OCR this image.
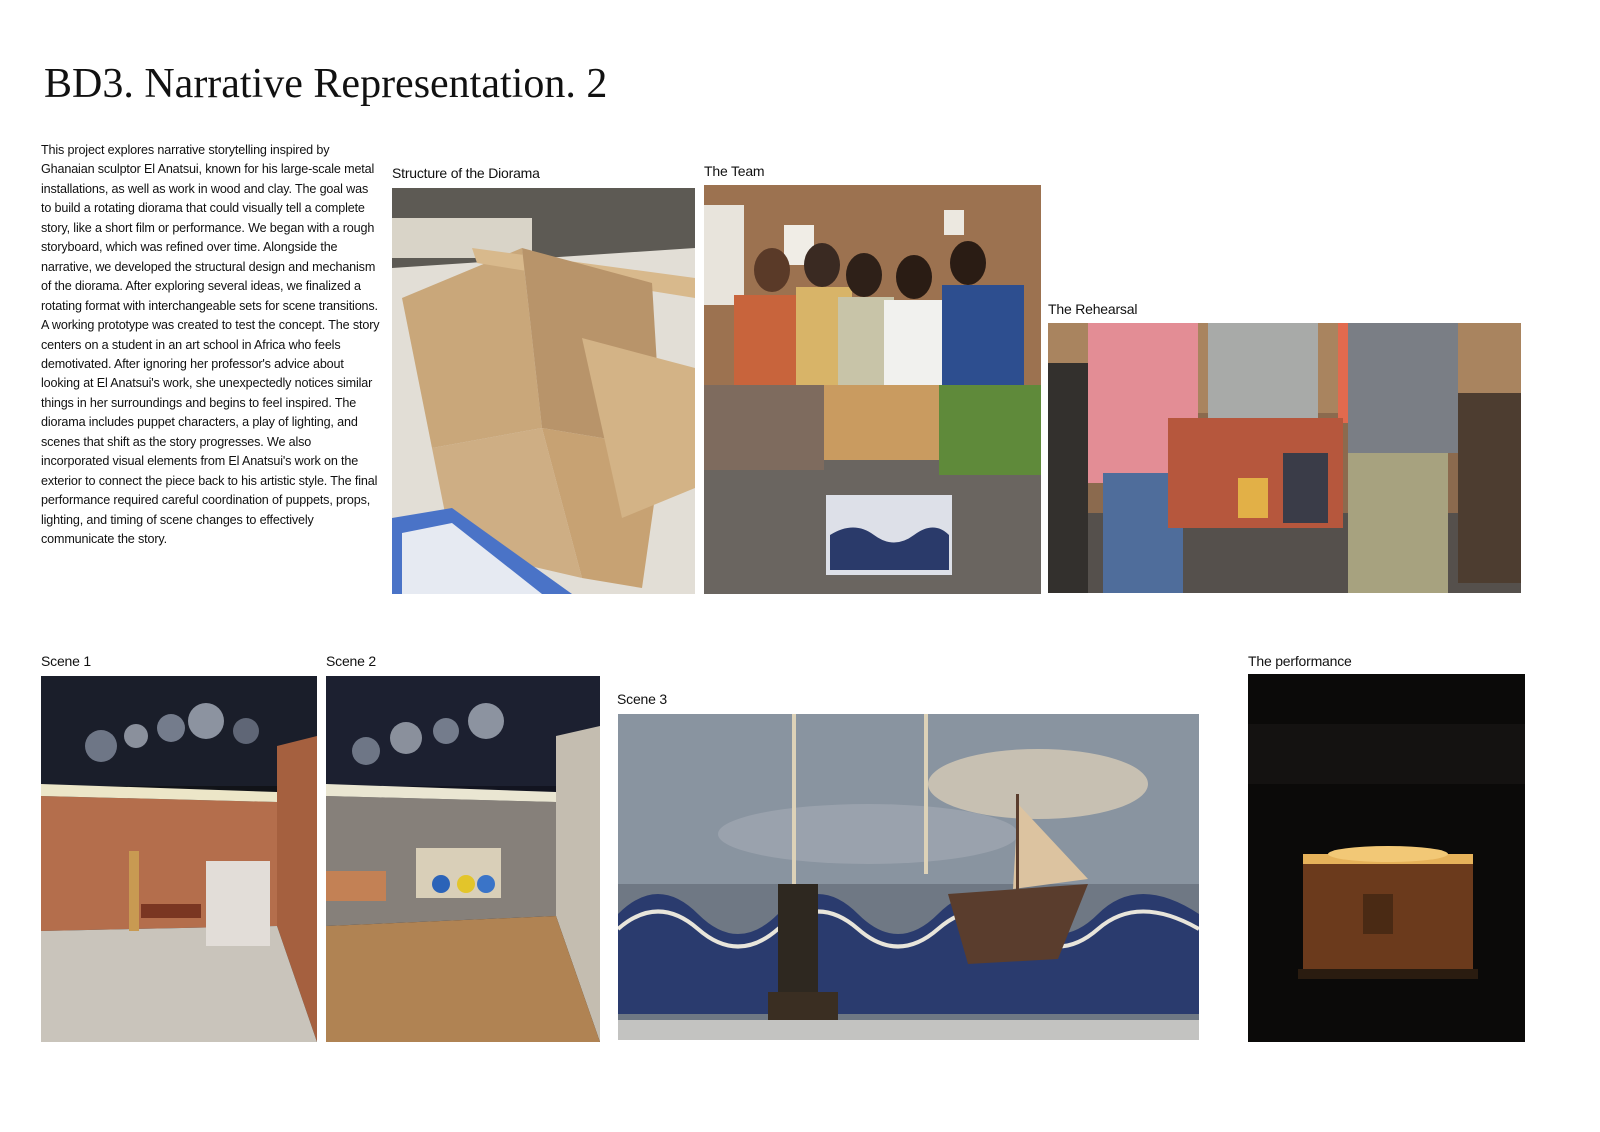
BD3. Narrative Representation. 2

This project explores narrative storytelling inspired by Ghanaian sculptor El Anatsui, known for his large-scale metal installations, as well as work in wood and clay. The goal was to build a rotating diorama that could visually tell a complete story, like a short film or performance. We began with a rough storyboard, which was refined over time. Alongside the narrative, we developed the structural design and mechanism of the diorama. After exploring several ideas, we finalized a rotating format with interchangeable sets for scene transitions. A working prototype was created to test the concept. The story centers on a student in an art school in Africa who feels demotivated. After ignoring her professor's advice about looking at El Anatsui's work, she unexpectedly notices similar things in her surroundings and begins to feel inspired. The diorama includes puppet characters, a play of lighting, and scenes that shift as the story progresses. We also incorporated visual elements from El Anatsui's work on the exterior to connect the piece back to his artistic style. The final performance required careful coordination of puppets, props, lighting, and timing of scene changes to effectively communicate the story.

Structure of the Diorama	The Team
The Rehearsal
Scene 1	Scene 2
Scene 3
The performance
